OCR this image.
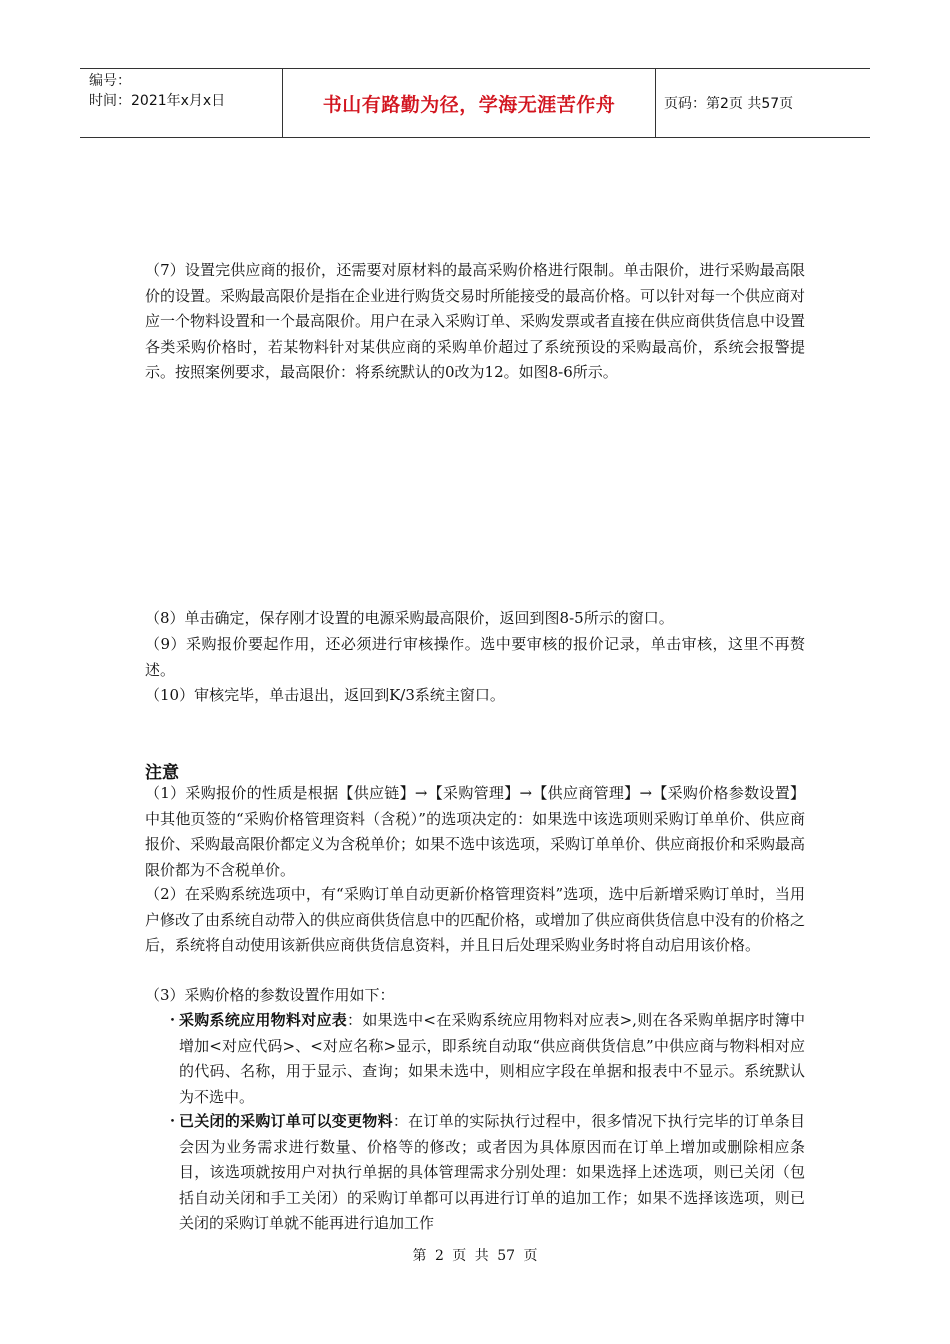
编号：
时间：2021年x月x日	书山有路勤为径，学海无涯苦作舟	页码：第2页 共57页
（7）设置完供应商的报价，还需要对原材料的最高采购价格进行限制。单击限价，进行采购最高限价的设置。采购最高限价是指在企业进行购货交易时所能接受的最高价格。可以针对每一个供应商对应一个物料设置和一个最高限价。用户在录入采购订单、采购发票或者直接在供应商供货信息中设置各类采购价格时，若某物料针对某供应商的采购单价超过了系统预设的采购最高价，系统会报警提示。按照案例要求，最高限价：将系统默认的0改为12。如图8-6所示。
（8）单击确定，保存刚才设置的电源采购最高限价，返回到图8-5所示的窗口。
（9）采购报价要起作用，还必须进行审核操作。选中要审核的报价记录，单击审核，这里不再赘述。
（10）审核完毕，单击退出，返回到K/3系统主窗口。
注意
（1）采购报价的性质是根据【供应链】→【采购管理】→【供应商管理】→【采购价格参数设置】中其他页签的“采购价格管理资料（含税）”的选项决定的：如果选中该选项则采购订单单价、供应商报价、采购最高限价都定义为含税单价；如果不选中该选项，采购订单单价、供应商报价和采购最高限价都为不含税单价。
（2）在采购系统选项中，有“采购订单自动更新价格管理资料”选项，选中后新增采购订单时，当用户修改了由系统自动带入的供应商供货信息中的匹配价格，或增加了供应商供货信息中没有的价格之后，系统将自动使用该新供应商供货信息资料，并且日后处理采购业务时将自动启用该价格。
（3）采购价格的参数设置作用如下：
・
采购系统应用物料对应表：如果选中<在采购系统应用物料对应表>,则在各采购单据序时簿中增加<对应代码>、<对应名称>显示，即系统自动取“供应商供货信息”中供应商与物料相对应的代码、名称，用于显示、查询；如果未选中，则相应字段在单据和报表中不显示。系统默认为不选中。
・
已关闭的采购订单可以变更物料：在订单的实际执行过程中，很多情况下执行完毕的订单条目会因为业务需求进行数量、价格等的修改；或者因为具体原因而在订单上增加或删除相应条目，该选项就按用户对执行单据的具体管理需求分别处理：如果选择上述选项，则已关闭（包括自动关闭和手工关闭）的采购订单都可以再进行订单的追加工作；如果不选择该选项，则已关闭的采购订单就不能再进行追加工作
第 2 页 共 57 页
